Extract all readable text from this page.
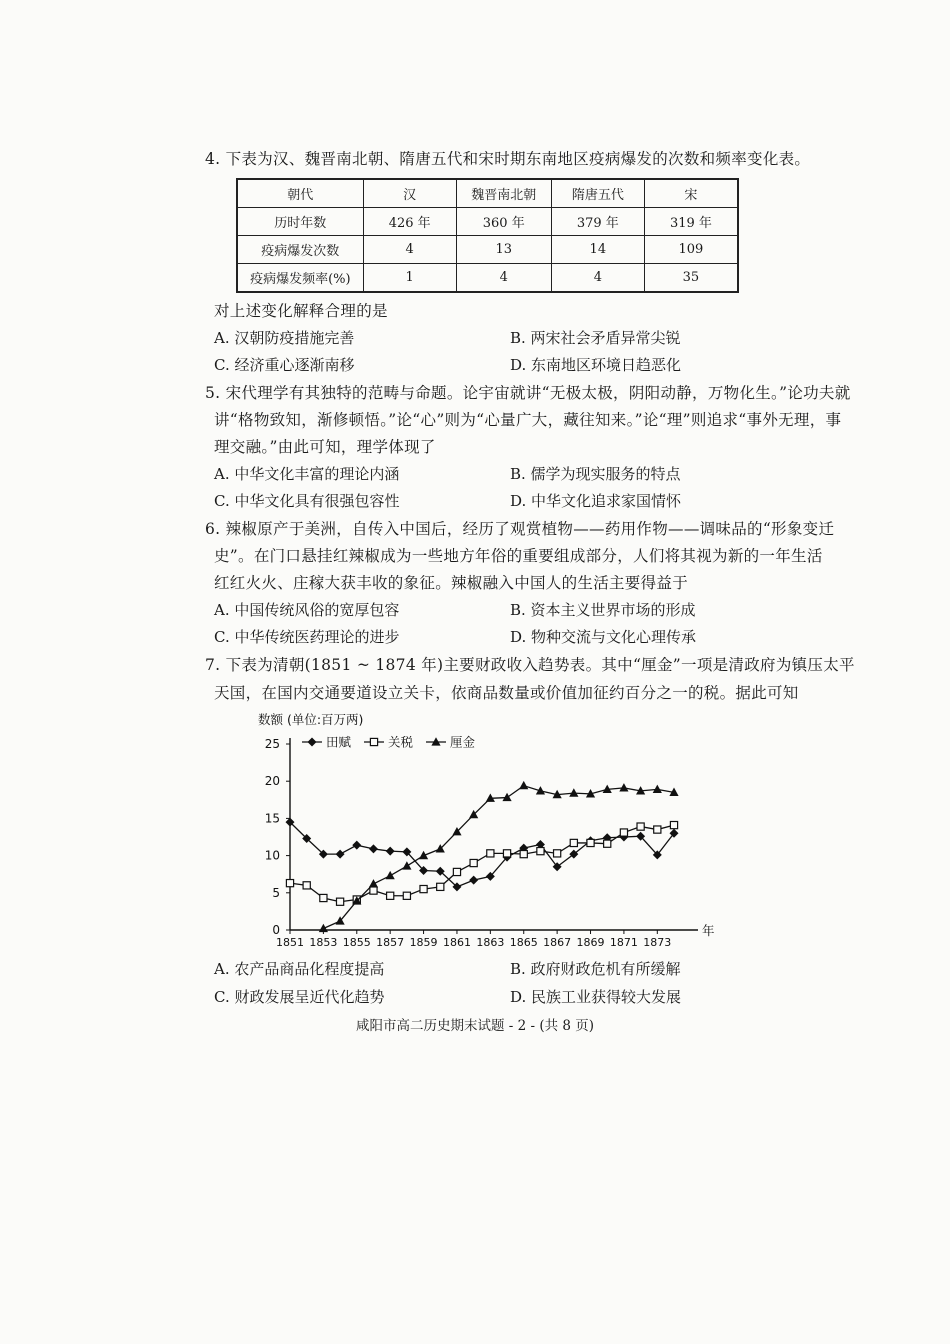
4. 下表为汉、魏晋南北朝、隋唐五代和宋时期东南地区疫病爆发的次数和频率变化表。
朝代	汉	魏晋南北朝	隋唐五代	宋
历时年数	426 年	360 年	379 年	319 年
疫病爆发次数	4	13	14	109
疫病爆发频率(%)	1	4	4	35
对上述变化解释合理的是
A. 汉朝防疫措施完善	B. 两宋社会矛盾异常尖锐
C. 经济重心逐渐南移	D. 东南地区环境日趋恶化
5. 宋代理学有其独特的范畴与命题。论宇宙就讲“无极太极，阴阳动静，万物化生。”论功夫就
讲“格物致知，渐修顿悟。”论“心”则为“心量广大，藏往知来。”论“理”则追求“事外无理，事
理交融。”由此可知，理学体现了
A. 中华文化丰富的理论内涵	B. 儒学为现实服务的特点
C. 中华文化具有很强包容性	D. 中华文化追求家国情怀
6. 辣椒原产于美洲，自传入中国后，经历了观赏植物——药用作物——调味品的“形象变迁
史”。在门口悬挂红辣椒成为一些地方年俗的重要组成部分，人们将其视为新的一年生活
红红火火、庄稼大获丰收的象征。辣椒融入中国人的生活主要得益于
A. 中国传统风俗的宽厚包容	B. 资本主义世界市场的形成
C. 中华传统医药理论的进步	D. 物种交流与文化心理传承
7. 下表为清朝(1851 ~ 1874 年)主要财政收入趋势表。其中“厘金”一项是清政府为镇压太平
天国，在国内交通要道设立关卡，依商品数量或价值加征约百分之一的税。据此可知
数额 (单位:百万两)
年
0
5
10
15
20
25
1851 1853 1855 1857 1859 1861 1863 1865 1867 1869 1871 1873
田赋	关税	厘金
A. 农产品商品化程度提高	B. 政府财政危机有所缓解
C. 财政发展呈近代化趋势	D. 民族工业获得较大发展
咸阳市高二历史期末试题 - 2 - (共 8 页)
